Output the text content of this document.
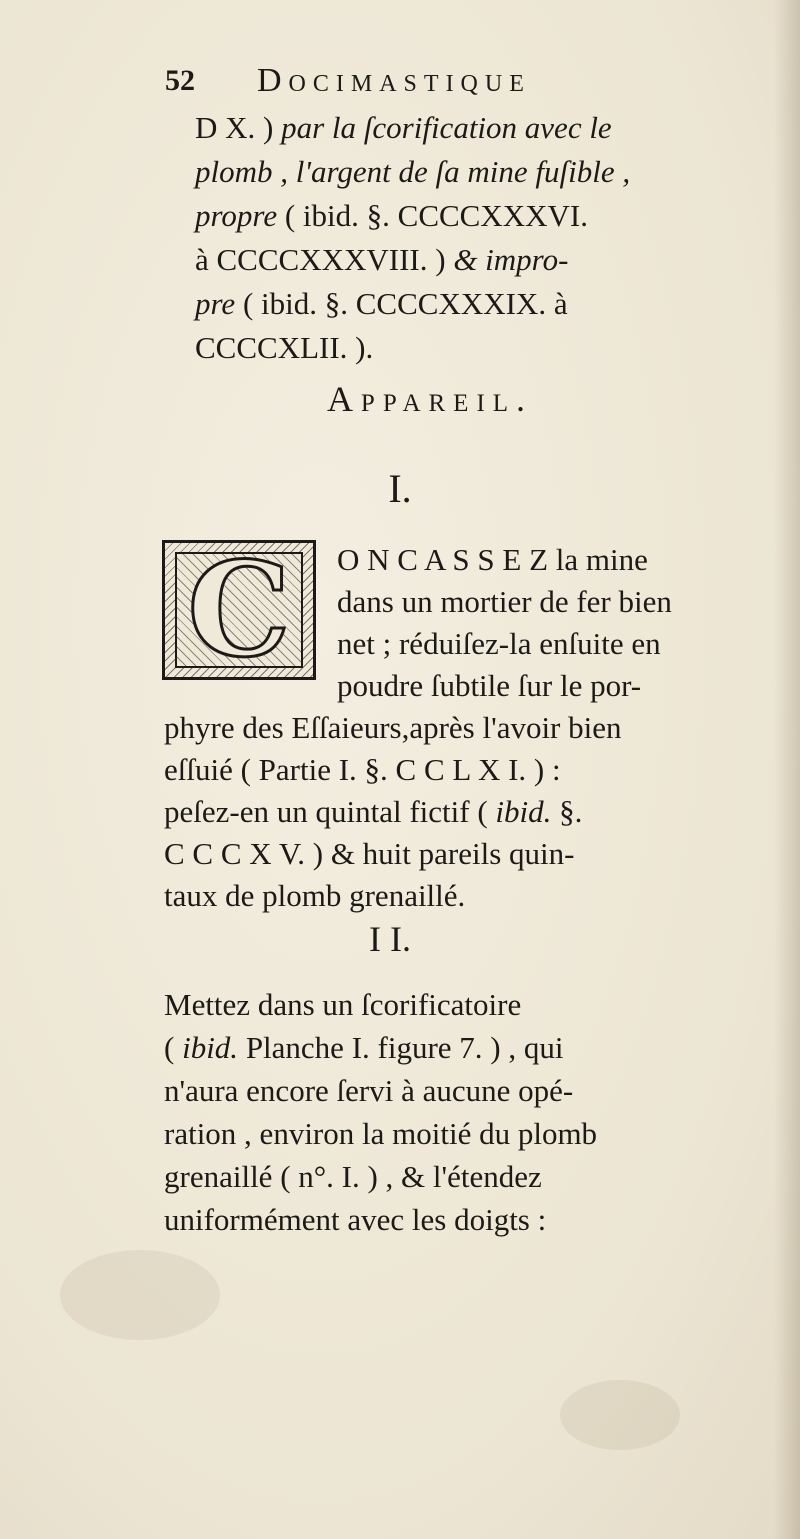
52 Docimastique
D X. ) par la ſcorification avec le
plomb , l'argent de ſa mine fuſible ,
propre ( ibid. §. CCCCXXXVI.
à CCCCXXXVIII. ) & impro-
pre ( ibid. §. CCCCXXXIX. à
CCCCXLII. ).
Appareil.
I.
C O N C A S S E Z la mine
dans un mortier de fer bien
net ; réduiſez-la enſuite en
poudre ſubtile ſur le por-
phyre des Eſſaieurs,après l'avoir bien
eſſuié ( Partie I. §. C C L X I. ) :
peſez-en un quintal fictif ( ibid. §.
C C C X V. ) & huit pareils quin-
taux de plomb grenaillé.
I I.
Mettez dans un ſcorificatoire
( ibid. Planche I. figure 7. ) , qui
n'aura encore ſervi à aucune opé-
ration , environ la moitié du plomb
grenaillé ( n°. I. ) , & l'étendez
uniformément avec les doigts :
